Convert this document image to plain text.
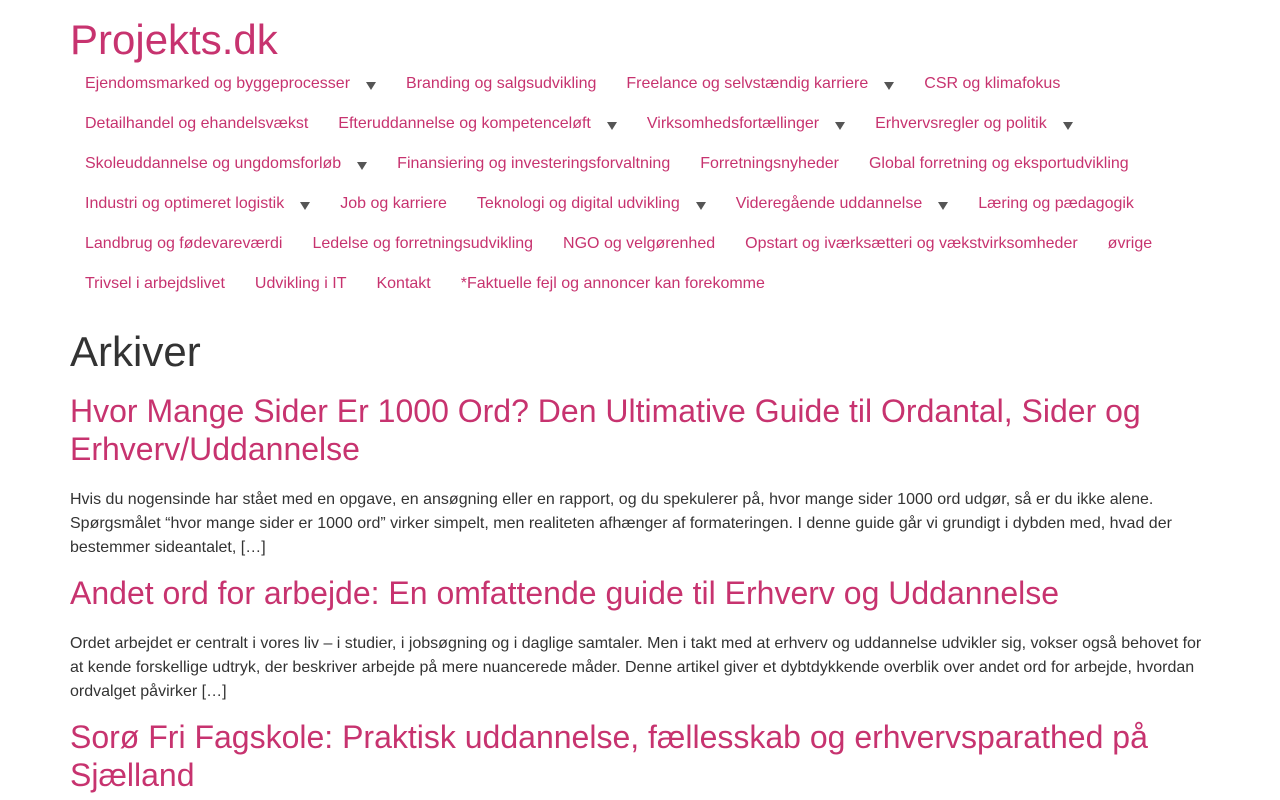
Projekts.dk
Ejendomsmarked og byggeprocesser	Branding og salgsudvikling Freelance og selvstændig karriere	CSR og klimafokus
Detailhandel og ehandelsvækst Efteruddannelse og kompetenceløft	Virksomhedsfortællinger	Erhvervsregler og politik
Skoleuddannelse og ungdomsforløb	Finansiering og investeringsforvaltning Forretningsnyheder Global forretning og eksportudvikling
Industri og optimeret logistik	Job og karriere Teknologi og digital udvikling	Videregående uddannelse	Læring og pædagogik
Landbrug og fødevareværdi Ledelse og forretningsudvikling NGO og velgørenhed Opstart og iværksætteri og vækstvirksomheder øvrige
Trivsel i arbejdslivet Udvikling i IT Kontakt *Faktuelle fejl og annoncer kan forekomme
Arkiver
Hvor Mange Sider Er 1000 Ord? Den Ultimative Guide til Ordantal, Sider og Erhverv/Uddannelse

Hvis du nogensinde har stået med en opgave, en ansøgning eller en rapport, og du spekulerer på, hvor mange sider 1000 ord udgør, så er du ikke alene. Spørgsmålet “hvor mange sider er 1000 ord” virker simpelt, men realiteten afhænger af formateringen. I denne guide går vi grundigt i dybden med, hvad der bestemmer sideantalet, […]

Andet ord for arbejde: En omfattende guide til Erhverv og Uddannelse

Ordet arbejdet er centralt i vores liv – i studier, i jobsøgning og i daglige samtaler. Men i takt med at erhverv og uddannelse udvikler sig, vokser også behovet for at kende forskellige udtryk, der beskriver arbejde på mere nuancerede måder. Denne artikel giver et dybtdykkende overblik over andet ord for arbejde, hvordan ordvalget påvirker […]

Sorø Fri Fagskole: Praktisk uddannelse, fællesskab og erhvervsparathed på Sjælland
